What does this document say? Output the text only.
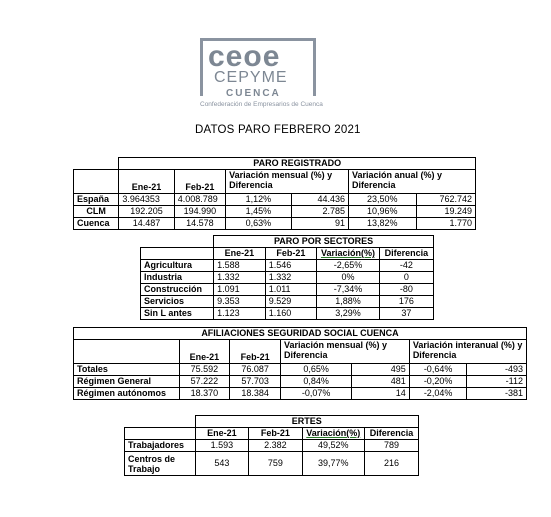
ceoe
CEPYME
CUENCA
Confederación de Empresarios de Cuenca
DATOS PARO FEBRERO 2021
	PARO REGISTRADO					
	Ene-21	Feb-21	Variación mensual (%) y Diferencia		Variación anual (%) y Diferencia	
España	3.964353	4.008.789	1,12%	44.436	23,50%	762.742
CLM	192.205	194.990	1,45%	2.785	10,96%	19.249
Cuenca	14.487	14.578	0,63%	91	13,82%	1.770
	PARO POR SECTORES			
	Ene-21	Feb-21	Variación(%)	Diferencia
Agricultura	1.588	1.546	-2,65%	-42
Industria	1.332	1.332	0%	0
Construcción	1.091	1.011	-7,34%	-80
Servicios	9.353	9.529	1,88%	176
Sin L antes	1.123	1.160	3,29%	37
AFILIACIONES SEGURIDAD SOCIAL CUENCA						
	Ene-21	Feb-21	Variación mensual (%) y Diferencia		Variación interanual (%) y Diferencia	
Totales	75.592	76.087	0,65%	495	-0,64%	-493
Régimen General	57.222	57.703	0,84%	481	-0,20%	-112
Régimen autónomos	18.370	18.384	-0,07%	14	-2,04%	-381
	ERTES			
	Ene-21	Feb-21	Variación(%)	Diferencia
Trabajadores	1.593	2.382	49,52%	789
Centros de Trabajo	543	759	39,77%	216
